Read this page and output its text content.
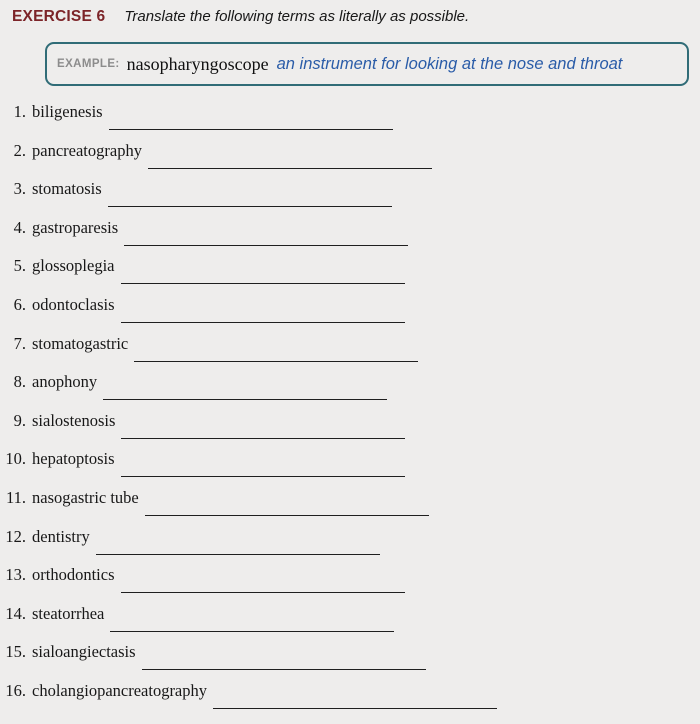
EXERCISE 6 Translate the following terms as literally as possible.
EXAMPLE: nasopharyngoscope an instrument for looking at the nose and throat
1. biligenesis
2. pancreatography
3. stomatosis
4. gastroparesis
5. glossoplegia
6. odontoclasis
7. stomatogastric
8. anophony
9. sialostenosis
10. hepatoptosis
11. nasogastric tube
12. dentistry
13. orthodontics
14. steatorrhea
15. sialoangiectasis
16. cholangiopancreatography
